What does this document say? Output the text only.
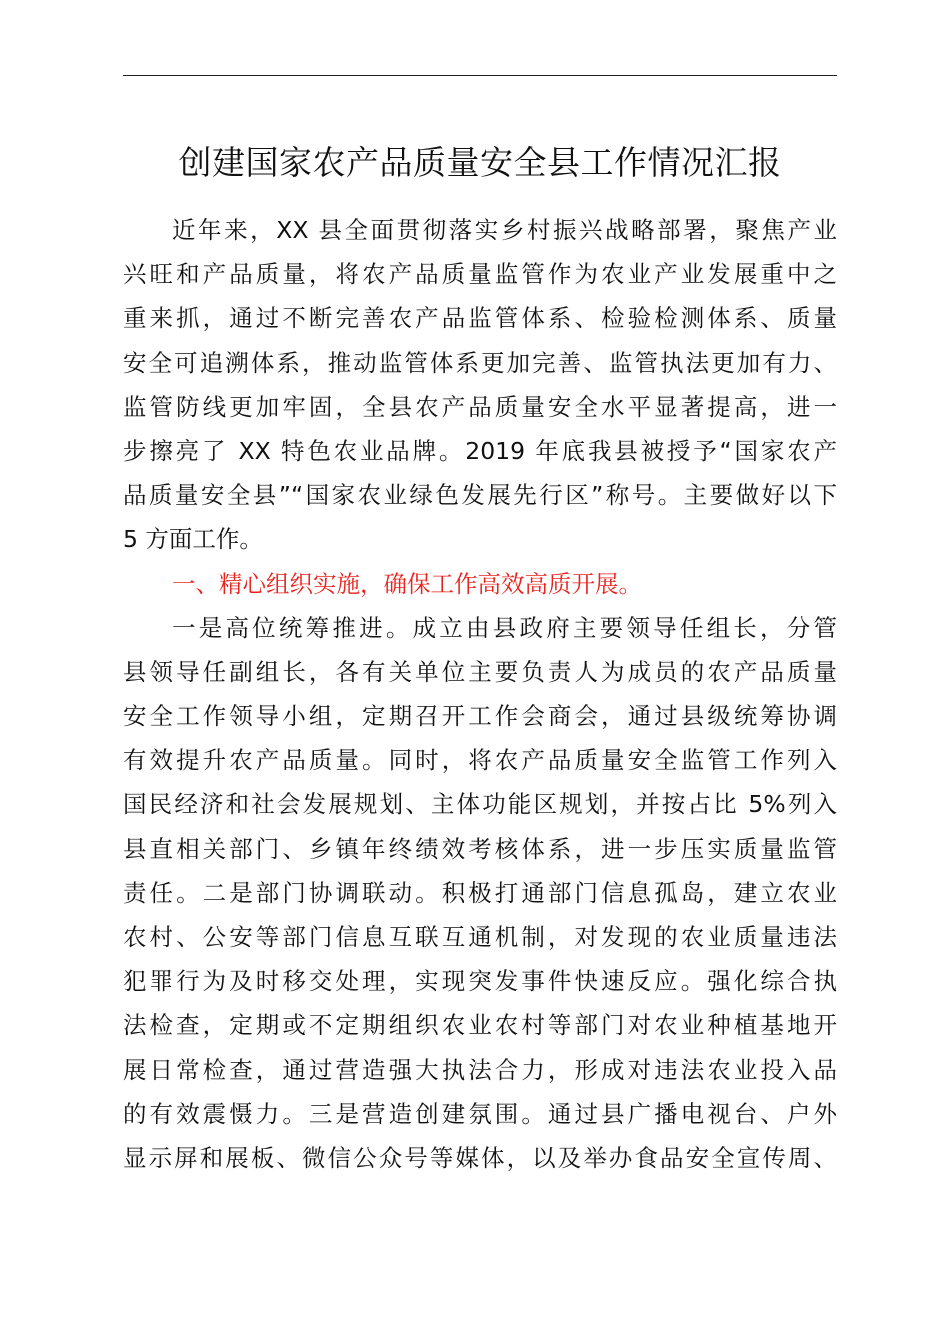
创建国家农产品质量安全县工作情况汇报
近年来，XX 县全面贯彻落实乡村振兴战略部署，聚焦产业
兴旺和产品质量，将农产品质量监管作为农业产业发展重中之
重来抓，通过不断完善农产品监管体系、检验检测体系、质量
安全可追溯体系，推动监管体系更加完善、监管执法更加有力、
监管防线更加牢固，全县农产品质量安全水平显著提高，进一
步擦亮了 XX 特色农业品牌。2019 年底我县被授予“国家农产
品质量安全县”“国家农业绿色发展先行区”称号。主要做好以下
5 方面工作。
一、精心组织实施，确保工作高效高质开展。
一是高位统筹推进。成立由县政府主要领导任组长，分管
县领导任副组长，各有关单位主要负责人为成员的农产品质量
安全工作领导小组，定期召开工作会商会，通过县级统筹协调
有效提升农产品质量。同时，将农产品质量安全监管工作列入
国民经济和社会发展规划、主体功能区规划，并按占比 5%列入
县直相关部门、乡镇年终绩效考核体系，进一步压实质量监管
责任。二是部门协调联动。积极打通部门信息孤岛，建立农业
农村、公安等部门信息互联互通机制，对发现的农业质量违法
犯罪行为及时移交处理，实现突发事件快速反应。强化综合执
法检查，定期或不定期组织农业农村等部门对农业种植基地开
展日常检查，通过营造强大执法合力，形成对违法农业投入品
的有效震慑力。三是营造创建氛围。通过县广播电视台、户外
显示屏和展板、微信公众号等媒体，以及举办食品安全宣传周、
